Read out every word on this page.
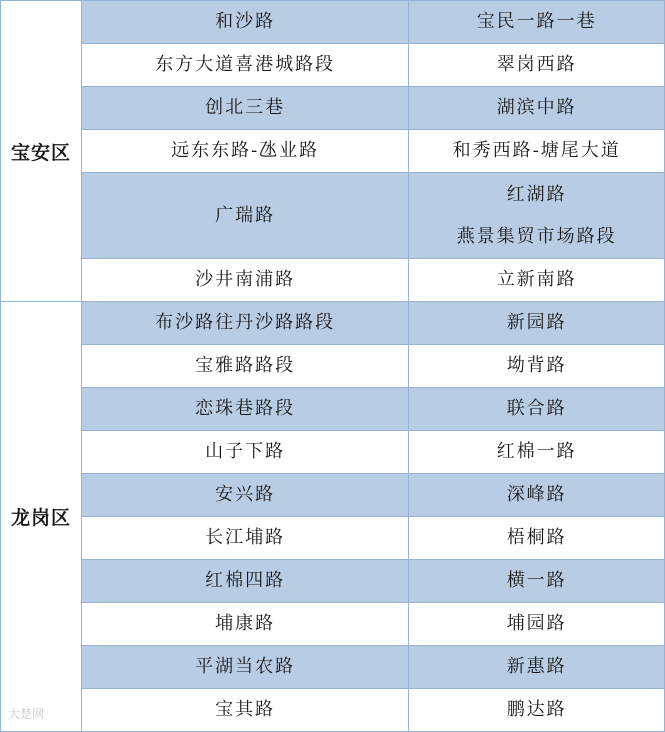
宝安区	和沙路	宝民一路一巷

	东方大道喜港城路段	翠岗西路

	创北三巷	湖滨中路

	远东东路-氹业路	和秀西路-塘尾大道

	广瑞路	红湖路
燕景集贸市场路段

	沙井南浦路	立新南路

龙岗区	布沙路往丹沙路路段	新园路

	宝雅路路段	坳背路

	恋珠巷路段	联合路

	山子下路	红棉一路

	安兴路	深峰路

	长江埔路	梧桐路

	红棉四路	横一路

	埔康路	埔园路

	平湖当农路	新惠路

	宝其路	鹏达路
大楚网
